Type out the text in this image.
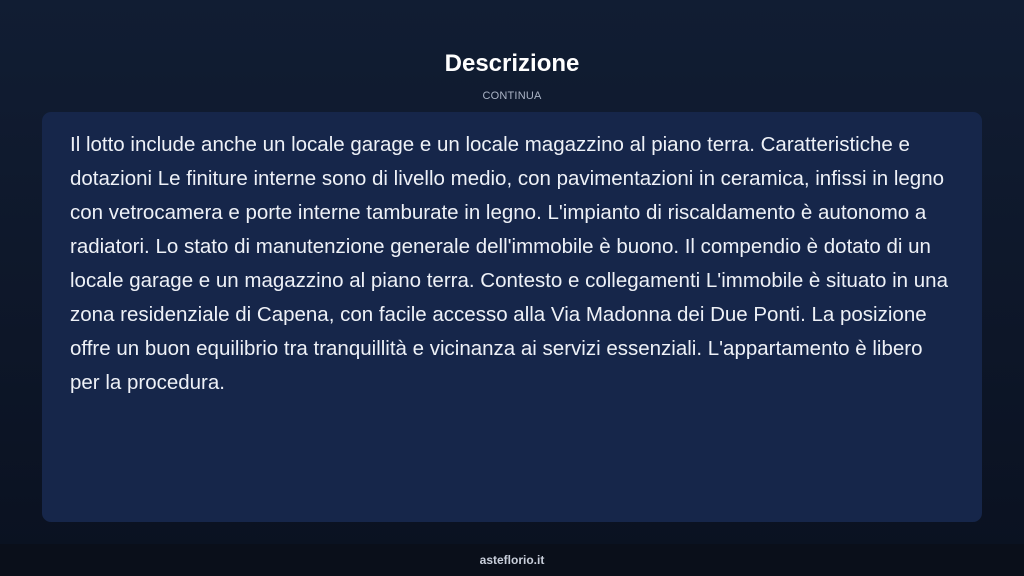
Descrizione
CONTINUA

Il lotto include anche un locale garage e un locale magazzino al piano terra. Caratteristiche e dotazioni Le finiture interne sono di livello medio, con pavimentazioni in ceramica, infissi in legno con vetrocamera e porte interne tamburate in legno. L'impianto di riscaldamento è autonomo a radiatori. Lo stato di manutenzione generale dell'immobile è buono. Il compendio è dotato di un locale garage e un magazzino al piano terra. Contesto e collegamenti L'immobile è situato in una zona residenziale di Capena, con facile accesso alla Via Madonna dei Due Ponti. La posizione offre un buon equilibrio tra tranquillità e vicinanza ai servizi essenziali. L'appartamento è libero per la procedura.

asteflorio.it
